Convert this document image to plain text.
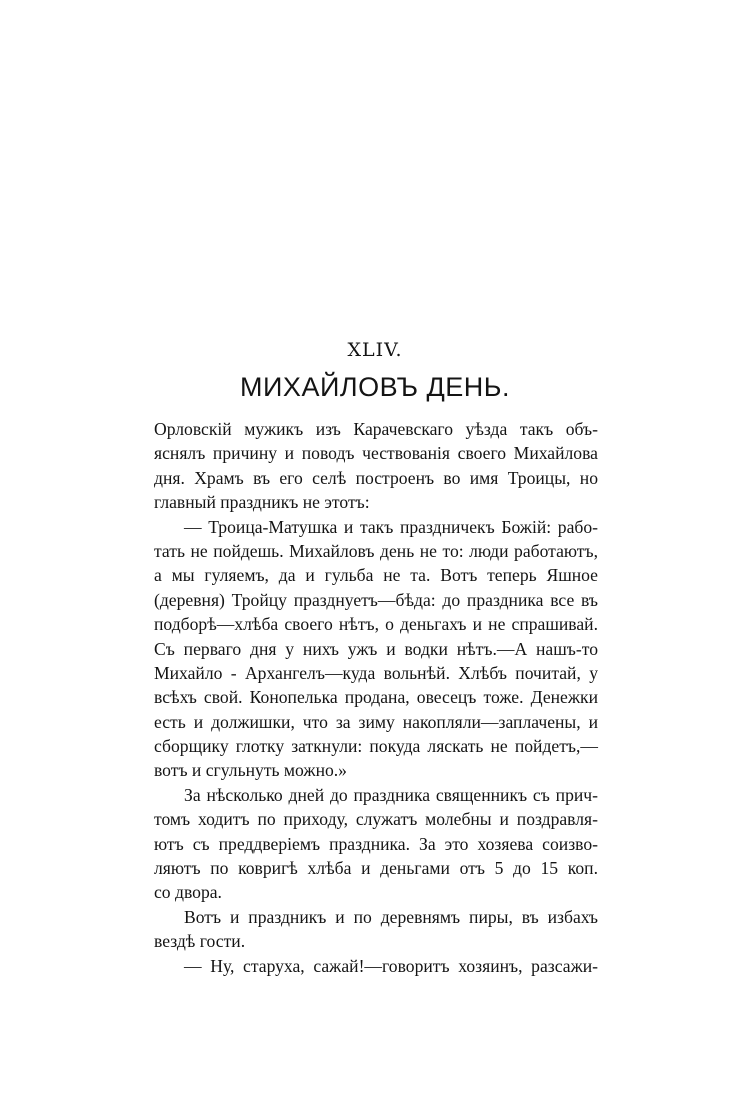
XLIV.
МИХАЙЛОВЪ ДЕНЬ.
Орловскій мужикъ изъ Карачевскаго уѣзда такъ объ-
яснялъ причину и поводъ чествованія своего Михайлова
дня. Храмъ въ его селѣ построенъ во имя Троицы, но
главный праздникъ не этотъ:
— Троица-Матушка и такъ праздничекъ Божій: рабо-
тать не пойдешь. Михайловъ день не то: люди работаютъ,
а мы гуляемъ, да и гульба не та. Вотъ теперь Яшное
(деревня) Тройцу празднуетъ—бѣда: до праздника все въ
подборѣ—хлѣба своего нѣтъ, о деньгахъ и не спрашивай.
Съ перваго дня у нихъ ужъ и водки нѣтъ.—А нашъ-то
Михайло - Архангелъ—куда вольнѣй. Хлѣбъ почитай, у
всѣхъ свой. Конопелька продана, овесецъ тоже. Денежки
есть и должишки, что за зиму накопляли—заплачены, и
сборщику глотку заткнули: покуда ляскать не пойдетъ,—
вотъ и сгульнуть можно.»
За нѣсколько дней до праздника священникъ съ прич-
томъ ходитъ по приходу, служатъ молебны и поздравля-
ютъ съ преддверіемъ праздника. За это хозяева соизво-
ляютъ по ковригѣ хлѣба и деньгами отъ 5 до 15 коп.
со двора.
Вотъ и праздникъ и по деревнямъ пиры, въ избахъ
вездѣ гости.
— Ну, старуха, сажай!—говоритъ хозяинъ, разсажи-
